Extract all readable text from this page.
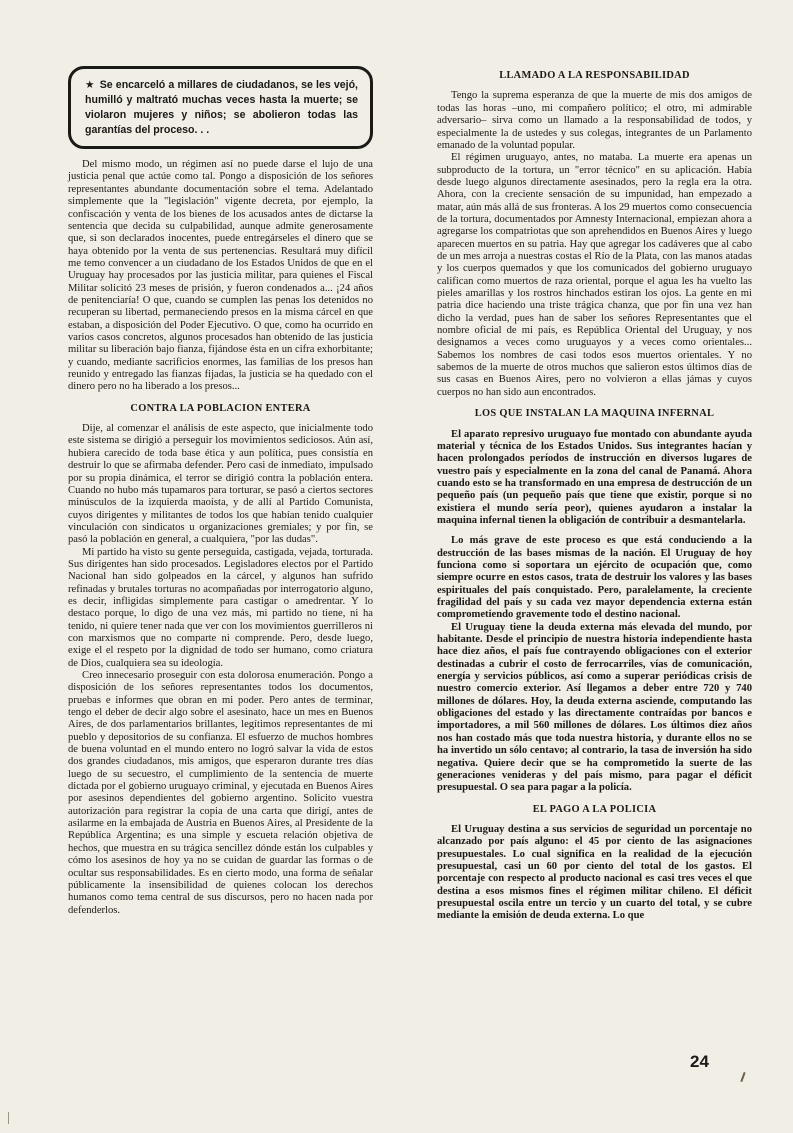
★ Se encarceló a millares de ciudadanos, se les vejó, humilló y maltrató muchas veces hasta la muerte; se violaron mujeres y niños; se abolieron todas las garantías del proceso. . .

Del mismo modo, un régimen así no puede darse el lujo de una justicia penal que actúe como tal. Pongo a disposición de los señores representantes abundante documentación sobre el tema. Adelantado simplemente que la "legislación" vigente decreta, por ejemplo, la confiscación y venta de los bienes de los acusados antes de dictarse la sentencia que decida su culpabilidad, aunque admite generosamente que, si son declarados inocentes, puede entregárseles el dinero que se haya obtenido por la venta de sus pertenencias. Resultará muy difícil me temo convencer a un ciudadano de los Estados Unidos de que en el Uruguay hay procesados por las justicia militar, para quienes el Fiscal Militar solicitó 23 meses de prisión, y fueron condenados a... ¡24 años de penitenciaría! O que, cuando se cumplen las penas los detenidos no recuperan su libertad, permaneciendo presos en la misma cárcel en que estaban, a disposición del Poder Ejecutivo. O que, como ha ocurrido en varios casos concretos, algunos procesados han obtenido de las justicia militar su liberación bajo fianza, fijándose ésta en un cifra exhorbitante; y cuando, mediante sacrificios enormes, las familias de los presos han reunido y entregado las fianzas fijadas, la justicia se ha quedado con el dinero pero no ha liberado a los presos...

CONTRA LA POBLACION ENTERA

Dije, al comenzar el análisis de este aspecto, que inicialmente todo este sistema se dirigió a perseguir los movimientos sediciosos. Aún así, hubiera carecido de toda base ética y aun política, pues consistía en destruir lo que se afirmaba defender. Pero casi de inmediato, impulsado por su propia dinámica, el terror se dirigió contra la población entera. Cuando no hubo más tupamaros para torturar, se pasó a ciertos sectores minúsculos de la izquierda maoísta, y de allí al Partido Comunista, cuyos dirigentes y militantes de todos los que habían tenido cualquier vinculación con sindicatos u organizaciones gremiales; y por fin, se pasó la población en general, a cualquiera, "por las dudas".

Mi partido ha visto su gente perseguida, castigada, vejada, torturada. Sus dirigentes han sido procesados. Legisladores electos por el Partido Nacional han sido golpeados en la cárcel, y algunos han sufrido refinadas y brutales torturas no acompañadas por interrogatorio alguno, es decir, infligidas simplemente para castigar o amedrentar. Y lo destaco porque, lo digo de una vez más, mi partido no tiene, ni ha tenido, ni quiere tener nada que ver con los movimientos guerrilleros ni con marxismos que no comparte ni comprende. Pero, desde luego, exige el el respeto por la dignidad de todo ser humano, como criatura de Dios, cualquiera sea su ideología.

Creo innecesario proseguir con esta dolorosa enumeración. Pongo a disposición de los señores representantes todos los documentos, pruebas e informes que obran en mi poder. Pero antes de terminar, tengo el deber de decir algo sobre el asesinato, hace un mes en Buenos Aires, de dos parlamentarios brillantes, legítimos representantes de mi pueblo y depositorios de su confianza. El esfuerzo de muchos hombres de buena voluntad en el mundo entero no logró salvar la vida de estos dos grandes ciudadanos, mis amigos, que esperaron durante tres días luego de su secuestro, el cumplimiento de la sentencia de muerte dictada por el gobierno uruguayo criminal, y ejecutada en Buenos Aires por asesinos dependientes del gobierno argentino. Solicito vuestra autorización para registrar la copia de una carta que dirigí, antes de asilarme en la embajada de Austria en Buenos Aires, al Presidente de la República Argentina; es una simple y escueta relación objetiva de hechos, que muestra en su trágica sencillez dónde están los culpables y cómo los asesinos de hoy ya no se cuidan de guardar las formas o de ocultar sus responsabilidades. Es en cierto modo, una forma de señalar públicamente la insensibilidad de quienes colocan los derechos humanos como tema central de sus discursos, pero no hacen nada por defenderlos.

LLAMADO A LA RESPONSABILIDAD

Tengo la suprema esperanza de que la muerte de mis dos amigos de todas las horas –uno, mi compañero político; el otro, mi admirable adversario– sirva como un llamado a la responsabilidad de todos, y especialmente la de ustedes y sus colegas, integrantes de un Parlamento emanado de la voluntad popular.

El régimen uruguayo, antes, no mataba. La muerte era apenas un subproducto de la tortura, un "error técnico" en su aplicación. Había desde luego algunos directamente asesinados, pero la regla era la otra. Ahora, con la creciente sensación de su impunidad, han empezado a matar, aún más allá de sus fronteras. A los 29 muertos como consecuencia de la tortura, documentados por Amnesty Internacional, empiezan ahora a agregarse los compatriotas que son aprehendidos en Buenos Aires y luego aparecen muertos en su patria. Hay que agregar los cadáveres que al cabo de un mes arroja a nuestras costas el Río de la Plata, con las manos atadas y los cuerpos quemados y que los comunicados del gobierno uruguayo califican como muertos de raza oriental, porque el agua les ha vuelto las pieles amarillas y los rostros hinchados estiran los ojos. La gente en mi patria dice haciendo una triste trágica chanza, que por fin una vez han dicho la verdad, pues han de saber los señores Representantes que el nombre oficial de mi país, es República Oriental del Uruguay, y nos designamos a veces como uruguayos y a veces como orientales... Sabemos los nombres de casi todos esos muertos orientales. Y no sabemos de la muerte de otros muchos que salieron estos últimos días de sus casas en Buenos Aires, pero no volvieron a ellas jámas y cuyos cuerpos no han sido aun encontrados.

LOS QUE INSTALAN LA MAQUINA INFERNAL

El aparato represivo uruguayo fue montado con abundante ayuda material y técnica de los Estados Unidos. Sus integrantes hacían y hacen prolongados períodos de instrucción en diversos lugares de vuestro país y especialmente en la zona del canal de Panamá. Ahora cuando esto se ha transformado en una empresa de destrucción de un pequeño país (un pequeño país que tiene que existir, porque si no existiera el mundo sería peor), quienes ayudaron a instalar la maquina infernal tienen la obligación de contribuir a desmantelarla.

Lo más grave de este proceso es que está conduciendo a la destrucción de las bases mismas de la nación. El Uruguay de hoy funciona como si soportara un ejército de ocupación que, como siempre ocurre en estos casos, trata de destruir los valores y las bases espirituales del país conquistado. Pero, paralelamente, la creciente fragilidad del país y su cada vez mayor dependencia externa están comprometiendo gravemente todo el destino nacional.

El Uruguay tiene la deuda externa más elevada del mundo, por habitante. Desde el principio de nuestra historia independiente hasta hace diez años, el país fue contrayendo obligaciones con el exterior destinadas a cubrir el costo de ferrocarriles, vías de comunicación, energía y servicios públicos, así como a superar periódicas crisis de nuestro comercio exterior. Así llegamos a deber entre 720 y 740 millones de dólares. Hoy, la deuda externa asciende, computando las obligaciones del estado y las directamente contraídas por bancos e importadores, a mil 560 millones de dólares. Los últimos diez años nos han costado más que toda nuestra historia, y durante ellos no se ha invertido un sólo centavo; al contrario, la tasa de inversión ha sido negativa. Quiere decir que se ha comprometido la suerte de las generaciones venideras y del país mismo, para pagar el déficit presupuestal. O sea para pagar a la policía.

EL PAGO A LA POLICIA

El Uruguay destina a sus servicios de seguridad un porcentaje no alcanzado por país alguno: el 45 por ciento de las asignaciones presupuestales. Lo cual significa en la realidad de la ejecución presupuestal, casi un 60 por ciento del total de los gastos. El porcentaje con respecto al producto nacional es casi tres veces el que destina a esos mismos fines el régimen militar chileno. El déficit presupuestal oscila entre un tercio y un cuarto del total, y se cubre mediante la emisión de deuda externa. Lo que

24
